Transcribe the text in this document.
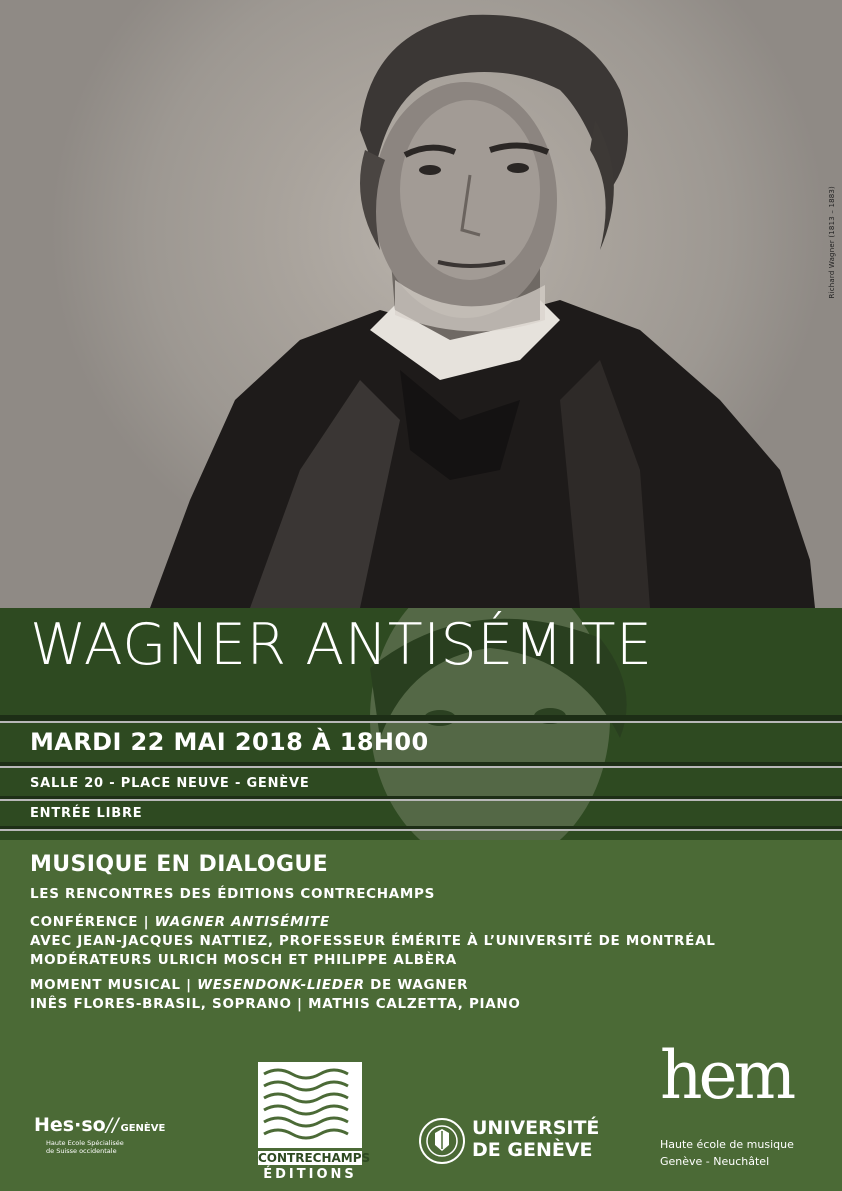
Richard Wagner (1813 – 1883)
WAGNER ANTISÉMITE
MARDI 22 MAI 2018 À 18H00
SALLE 20 - PLACE NEUVE - GENÈVE
ENTRÉE LIBRE
MUSIQUE EN DIALOGUE
LES RENCONTRES DES ÉDITIONS CONTRECHAMPS
CONFÉRENCE | WAGNER ANTISÉMITE
AVEC JEAN-JACQUES NATTIEZ, PROFESSEUR ÉMÉRITE À L’UNIVERSITÉ DE MONTRÉAL
MODÉRATEURS ULRICH MOSCH ET PHILIPPE ALBÈRA
MOMENT MUSICAL | WESENDONK-LIEDER DE WAGNER
INÊS FLORES-BRASIL, SOPRANO | MATHIS CALZETTA, PIANO
Hes·so// GENÈVE
Haute Ecole Spécialisée
de Suisse occidentale	CONTRECHAMPS
ÉDITIONS
UNIVERSITÉ
DE GENÈVE
hem
Haute école de musique
Genève - Neuchâtel
